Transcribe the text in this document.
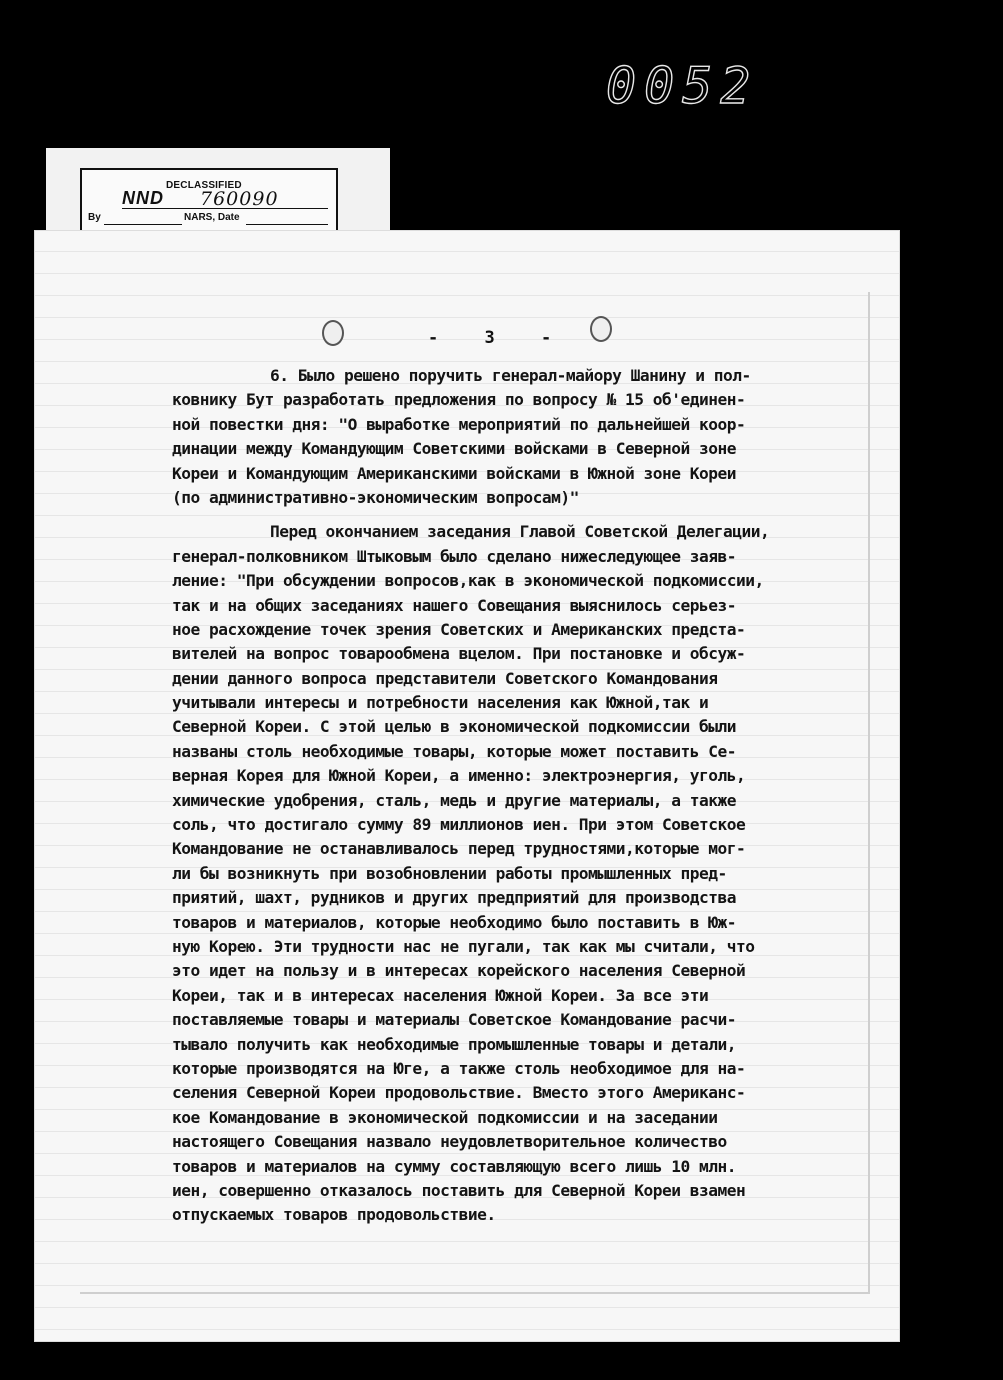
0052
DECLASSIFIED
NND 760090
By	NARS, Date
- 3 -
6. Было решено поручить генерал-майору Шанину и пол-
ковнику Бут разработать предложения по вопросу № 15 об'единен-
ной повестки дня: "О выработке мероприятий по дальнейшей коор-
динации между Командующим Советскими войсками в Северной зоне
Кореи и Командующим Американскими войсками в Южной зоне Кореи
(по административно-экономическим вопросам)"
Перед окончанием заседания Главой Советской Делегации,
генерал-полковником Штыковым было сделано нижеследующее заяв-
ление: "При обсуждении вопросов,как в экономической подкомиссии,
так и на общих заседаниях нашего Совещания выяснилось серьез-
ное расхождение точек зрения Советских и Американских предста-
вителей на вопрос товарообмена вцелом. При постановке и обсуж-
дении данного вопроса представители Советского Командования
учитывали интересы и потребности населения как Южной,так и
Северной Кореи. С этой целью в экономической подкомиссии были
названы столь необходимые товары, которые может поставить Се-
верная Корея для Южной Кореи, а именно: электроэнергия, уголь,
химические удобрения, сталь, медь и другие материалы, а также
соль, что достигало сумму 89 миллионов иен. При этом Советское
Командование не останавливалось перед трудностями,которые мог-
ли бы возникнуть при возобновлении работы промышленных пред-
приятий, шахт, рудников и других предприятий для производства
товаров и материалов, которые необходимо было поставить в Юж-
ную Корею. Эти трудности нас не пугали, так как мы считали, что
это идет на пользу и в интересах корейского населения Северной
Кореи, так и в интересах населения Южной Кореи. За все эти
поставляемые товары и материалы Советское Командование расчи-
тывало получить как необходимые промышленные товары и детали,
которые производятся на Юге, а также столь необходимое для на-
селения Северной Кореи продовольствие. Вместо этого Американс-
кое Командование в экономической подкомиссии и на заседании
настоящего Совещания назвало неудовлетворительное количество
товаров и материалов на сумму составляющую всего лишь 10 млн.
иен, совершенно отказалось поставить для Северной Кореи взамен
отпускаемых товаров продовольствие.
